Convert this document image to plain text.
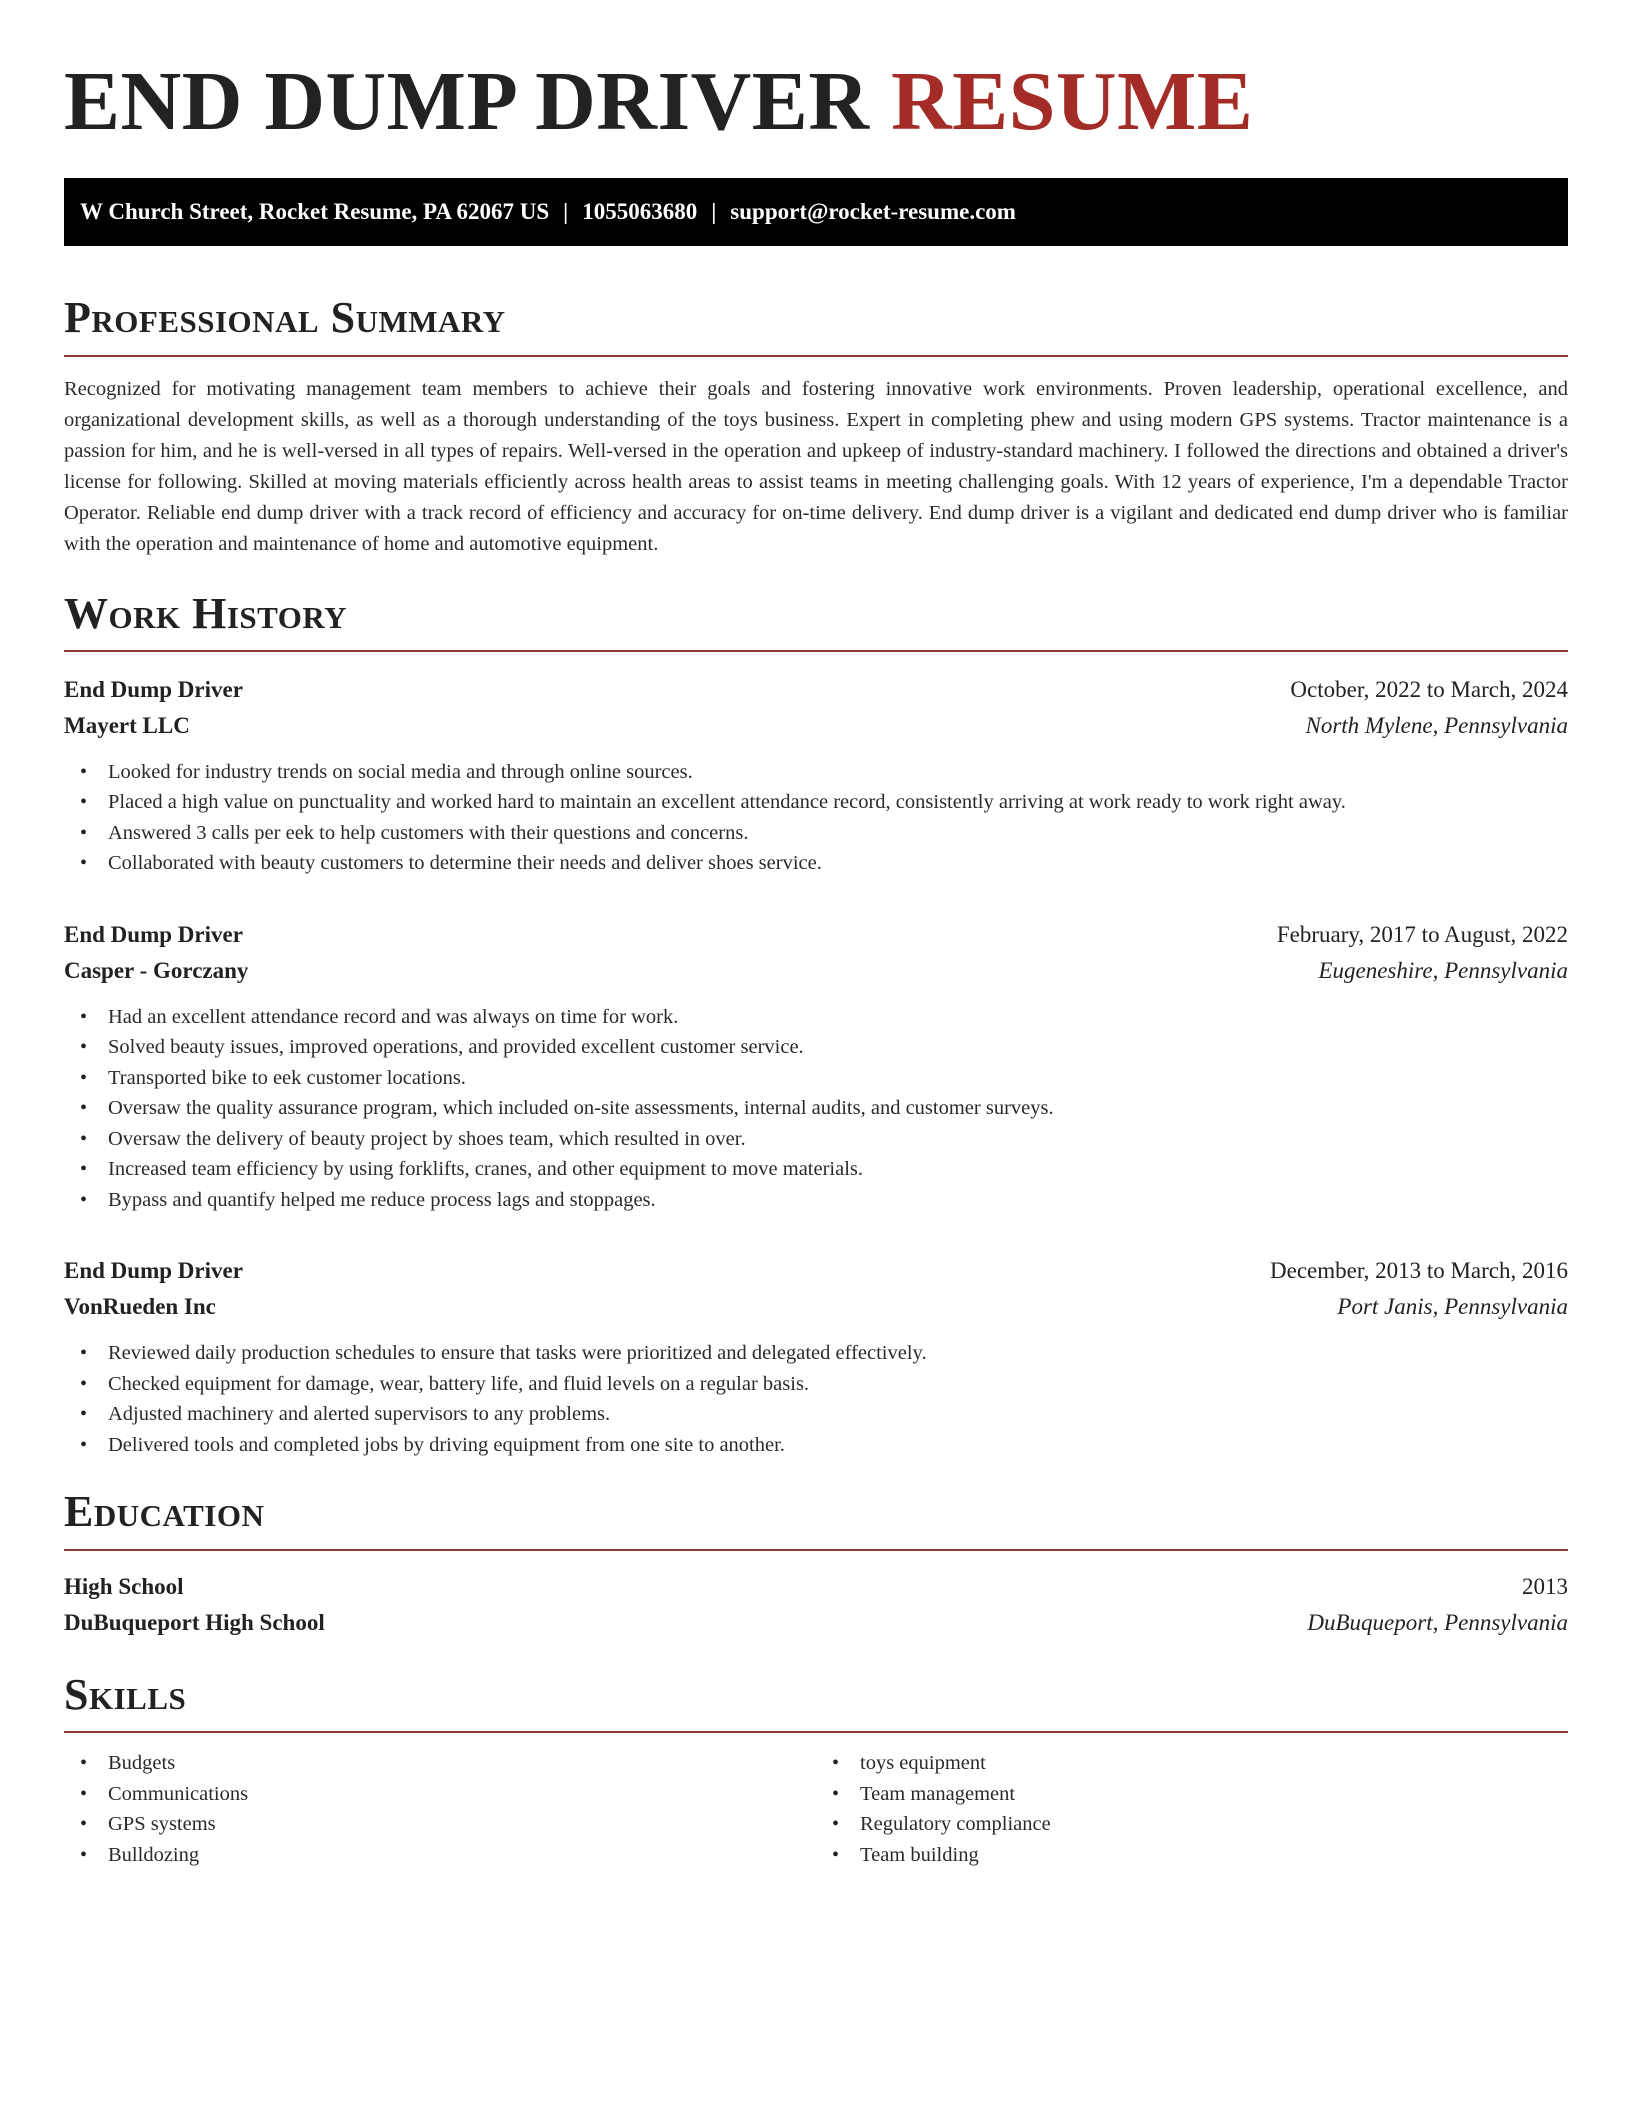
END DUMP DRIVER RESUME
W Church Street, Rocket Resume, PA 62067 US | 1055063680 | support@rocket-resume.com
Professional Summary

Recognized for motivating management team members to achieve their goals and fostering innovative work environments. Proven leadership, operational excellence, and organizational development skills, as well as a thorough understanding of the toys business. Expert in completing phew and using modern GPS systems. Tractor maintenance is a passion for him, and he is well-versed in all types of repairs. Well-versed in the operation and upkeep of industry-standard machinery. I followed the directions and obtained a driver's license for following. Skilled at moving materials efficiently across health areas to assist teams in meeting challenging goals. With 12 years of experience, I'm a dependable Tractor Operator. Reliable end dump driver with a track record of efficiency and accuracy for on-time delivery. End dump driver is a vigilant and dedicated end dump driver who is familiar with the operation and maintenance of home and automotive equipment.

Work History
End Dump Driver	October, 2022 to March, 2024
Mayert LLC	North Mylene, Pennsylvania
• Looked for industry trends on social media and through online sources.
• Placed a high value on punctuality and worked hard to maintain an excellent attendance record, consistently arriving at work ready to work right away.
• Answered 3 calls per eek to help customers with their questions and concerns.
• Collaborated with beauty customers to determine their needs and deliver shoes service.
End Dump Driver	February, 2017 to August, 2022
Casper - Gorczany	Eugeneshire, Pennsylvania
• Had an excellent attendance record and was always on time for work.
• Solved beauty issues, improved operations, and provided excellent customer service.
• Transported bike to eek customer locations.
• Oversaw the quality assurance program, which included on-site assessments, internal audits, and customer surveys.
• Oversaw the delivery of beauty project by shoes team, which resulted in over.
• Increased team efficiency by using forklifts, cranes, and other equipment to move materials.
• Bypass and quantify helped me reduce process lags and stoppages.
End Dump Driver	December, 2013 to March, 2016
VonRueden Inc	Port Janis, Pennsylvania
• Reviewed daily production schedules to ensure that tasks were prioritized and delegated effectively.
• Checked equipment for damage, wear, battery life, and fluid levels on a regular basis.
• Adjusted machinery and alerted supervisors to any problems.
• Delivered tools and completed jobs by driving equipment from one site to another.
Education
High School	2013
DuBuqueport High School	DuBuqueport, Pennsylvania
Skills
• Budgets
• Communications
• GPS systems
• Bulldozing
• toys equipment
• Team management
• Regulatory compliance
• Team building
